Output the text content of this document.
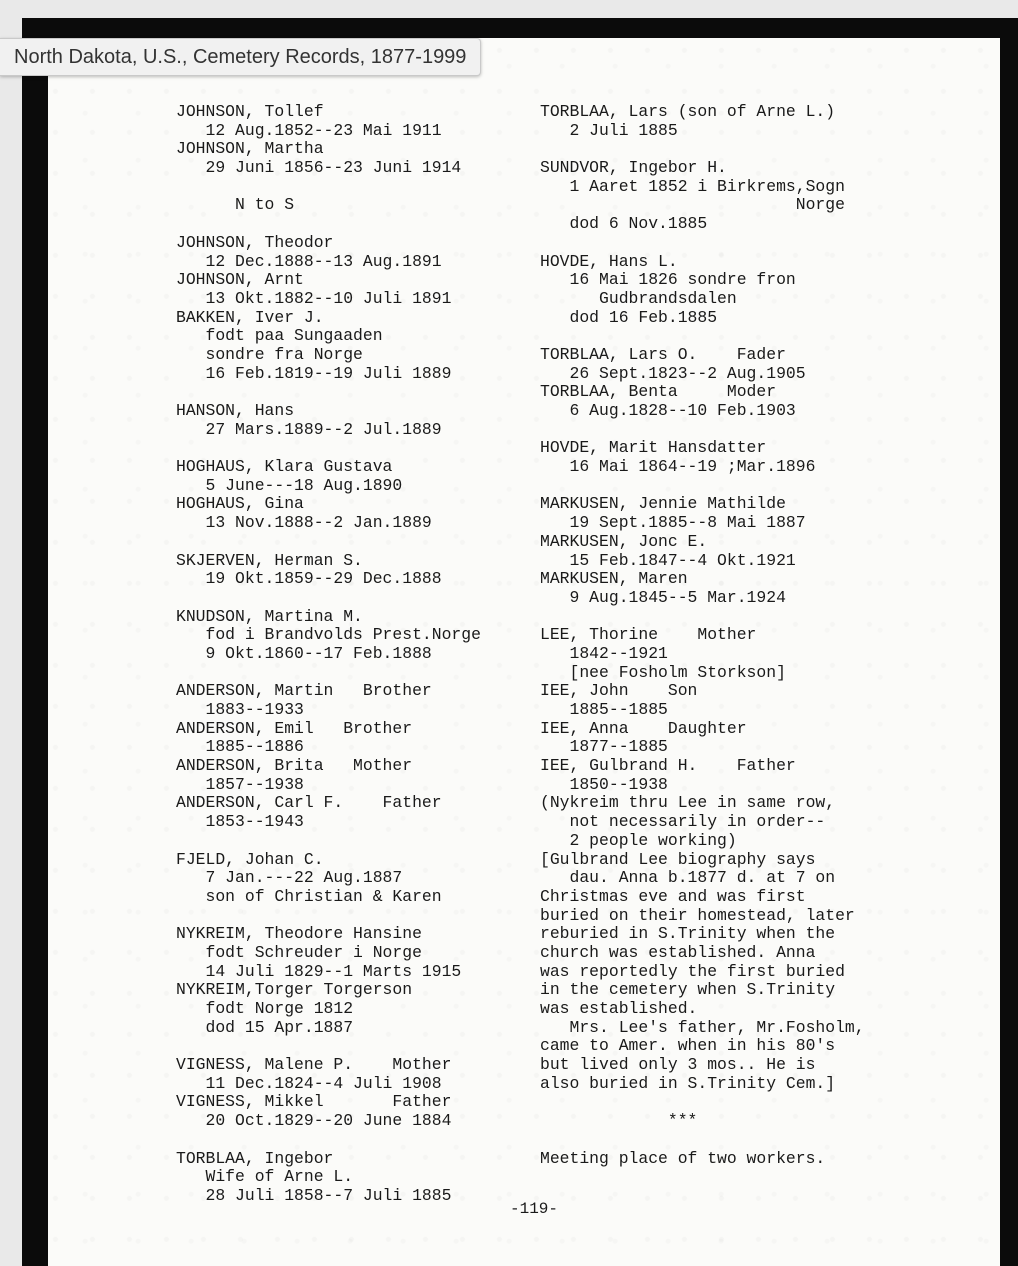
North Dakota, U.S., Cemetery Records, 1877-1999
JOHNSON, Tollef
12 Aug.1852--23 Mai 1911
JOHNSON, Martha
29 Juni 1856--23 Juni 1914
N to S
JOHNSON, Theodor
12 Dec.1888--13 Aug.1891
JOHNSON, Arnt
13 Okt.1882--10 Juli 1891
BAKKEN, Iver J.
fodt paa Sungaaden
sondre fra Norge
16 Feb.1819--19 Juli 1889
HANSON, Hans
27 Mars.1889--2 Jul.1889
HOGHAUS, Klara Gustava
5 June---18 Aug.1890
HOGHAUS, Gina
13 Nov.1888--2 Jan.1889
SKJERVEN, Herman S.
19 Okt.1859--29 Dec.1888
KNUDSON, Martina M.
fod i Brandvolds Prest.Norge
9 Okt.1860--17 Feb.1888
ANDERSON, Martin   Brother
1883--1933
ANDERSON, Emil   Brother
1885--1886
ANDERSON, Brita   Mother
1857--1938
ANDERSON, Carl F.    Father
1853--1943
FJELD, Johan C.
7 Jan.---22 Aug.1887
son of Christian & Karen
NYKREIM, Theodore Hansine
fodt Schreuder i Norge
14 Juli 1829--1 Marts 1915
NYKREIM,Torger Torgerson
fodt Norge 1812
dod 15 Apr.1887
VIGNESS, Malene P.    Mother
11 Dec.1824--4 Juli 1908
VIGNESS, Mikkel       Father
20 Oct.1829--20 June 1884
TORBLAA, Ingebor
Wife of Arne L.
28 Juli 1858--7 Juli 1885
TORBLAA, Lars (son of Arne L.)
2 Juli 1885
SUNDVOR, Ingebor H.
1 Aaret 1852 i Birkrems,Sogn
Norge
dod 6 Nov.1885
HOVDE, Hans L.
16 Mai 1826 sondre fron
Gudbrandsdalen
dod 16 Feb.1885
TORBLAA, Lars O.    Fader
26 Sept.1823--2 Aug.1905
TORBLAA, Benta     Moder
6 Aug.1828--10 Feb.1903
HOVDE, Marit Hansdatter
16 Mai 1864--19 ;Mar.1896
MARKUSEN, Jennie Mathilde
19 Sept.1885--8 Mai 1887
MARKUSEN, Jonc E.
15 Feb.1847--4 Okt.1921
MARKUSEN, Maren
9 Aug.1845--5 Mar.1924
LEE, Thorine    Mother
1842--1921
[nee Fosholm Storkson]
IEE, John    Son
1885--1885
IEE, Anna    Daughter
1877--1885
IEE, Gulbrand H.    Father
1850--1938
(Nykreim thru Lee in same row,
not necessarily in order--
2 people working)
[Gulbrand Lee biography says
dau. Anna b.1877 d. at 7 on
Christmas eve and was first
buried on their homestead, later
reburied in S.Trinity when the
church was established. Anna
was reportedly the first buried
in the cemetery when S.Trinity
was established.
Mrs. Lee's father, Mr.Fosholm,
came to Amer. when in his 80's
but lived only 3 mos.. He is
also buried in S.Trinity Cem.]
***
Meeting place of two workers.
-119-
